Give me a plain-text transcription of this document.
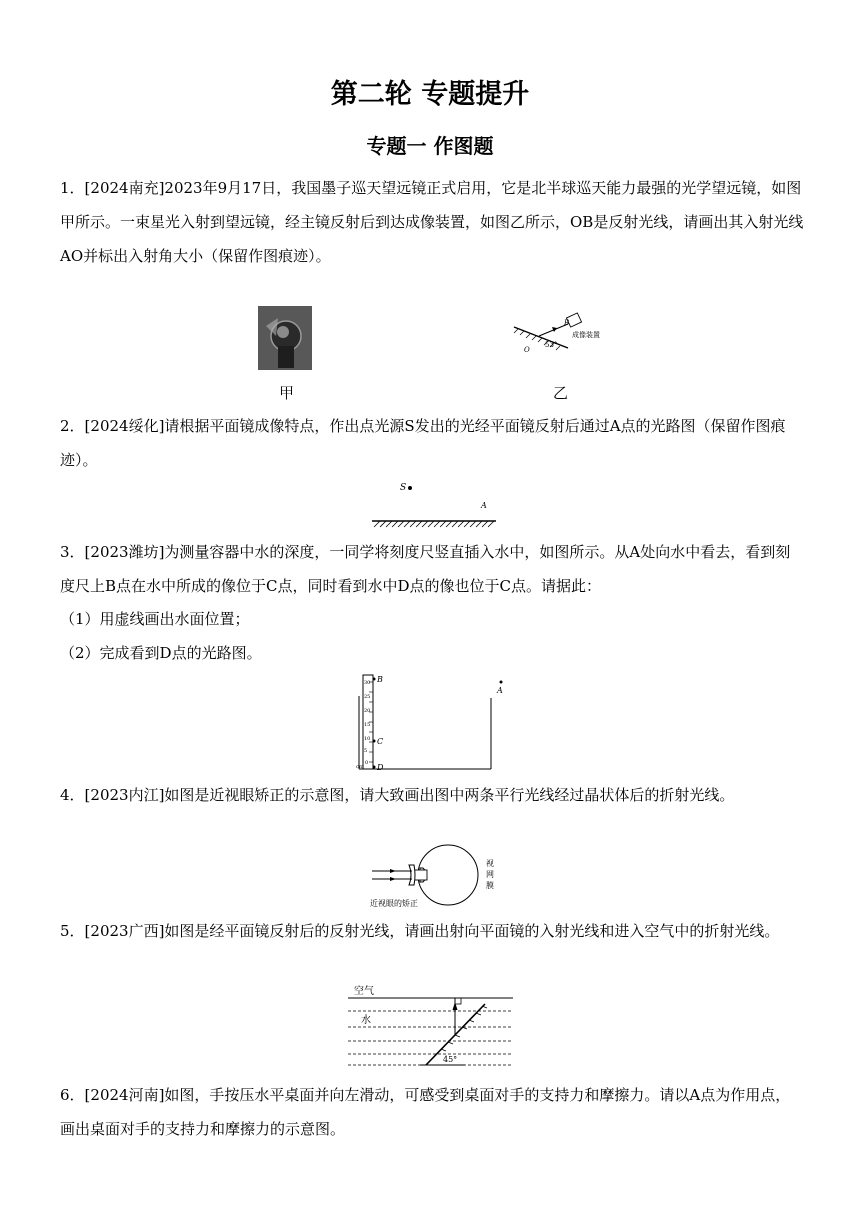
第二轮 专题提升
专题一 作图题
1．[2024南充]2023年9月17日，我国墨子巡天望远镜正式启用，它是北半球巡天能力最强的光学望远镜，如图甲所示。一束星光入射到望远镜，经主镜反射后到达成像装置，如图乙所示，OB是反射光线，请画出其入射光线AO并标出入射角大小（保留作图痕迹）。
B
O
53°
成像装置
甲	乙
2．[2024绥化]请根据平面镜成像特点，作出点光源S发出的光经平面镜反射后通过A点的光路图（保留作图痕迹）。
S
A
3．[2023潍坊]为测量容器中水的深度，一同学将刻度尺竖直插入水中，如图所示。从A处向水中看去，看到刻度尺上B点在水中所成的像位于C点，同时看到水中D点的像也位于C点。请据此：
（1）用虚线画出水面位置；
（2）完成看到D点的光路图。
30
25
20
15
10
5
0
cm
B
C
D
A
4．[2023内江]如图是近视眼矫正的示意图，请大致画出图中两条平行光线经过晶状体后的折射光线。
视
网
膜
近视眼的矫正
5．[2023广西]如图是经平面镜反射后的反射光线，请画出射向平面镜的入射光线和进入空气中的折射光线。
空气
水
45°
6．[2024河南]如图，手按压水平桌面并向左滑动，可感受到桌面对手的支持力和摩擦力。请以A点为作用点，画出桌面对手的支持力和摩擦力的示意图。
